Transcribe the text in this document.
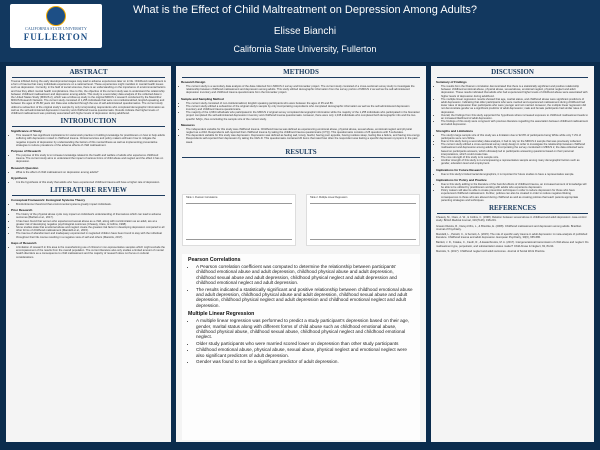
CALIFORNIA STATE UNIVERSITY
FULLERTON
What is the Effect of Child Maltreatment on Depression Among Adults?
Elisse Bianchi
California State University, Fullerton
ABSTRACT

Trauma inflicted during the early developmental stages may lead to adverse experiences later on in life. Childhood maltreatment is a form of trauma that many individuals experience on a national level. These experiences might manifest in mental health issues such as depression. Currently, in the field of social sciences, there is an understanding on the importance of environmental factors and how they affect mental health complications. Due to this, the objective of the current study was to understand the relationship between childhood maltreatment and depression among adults. This study is a secondary data analysis of the collected data in the United States Study (MIDUS 2), which was a follow-up study to the original MIDUS 1 research conducted by the MacArthur MIDUS Research Network. The current study consisted of 1,255 individuals that were non-institutionalized, English-speaking and between the ages of 35-86 years old. Data was collected through the use of self-administered questionnaires. The current study utilized a subsection of the original study's sample by only incorporating respondents who completed demographic information as well as the self-administered depression inventory and childhood trauma questionnaire. Results indicate that higher levels of childhood maltreatment was positively associated with higher levels of depression during adulthood.

INTRODUCTION
Significance of Study
• This research has significant implications for social work practice in building knowledge for practitioners on how to help adults suffering with depression rooted in childhood trauma. Clinical services and policy makers will learn how to mitigate the negative impacts of depression by understanding the factors of this mental illness as well as implementing preventative strategies to reduce prevalence of the adverse effects of child maltreatment.
Purpose of Research
• The purpose of this study is to increase knowledge related to the health and welfare of adults who experience childhood trauma. The current study aims to understand the impact of various forms of child abuse and neglect and the effect it has on depression.
Research Question
• What is the effect of child maltreatment on depression among adults?
Hypothesis
• It is the hypothesis of this study that adults who have experienced childhood trauma will have a higher rate of depression.
LITERATURE REVIEW
Conceptual Framework: Ecological Systems Theory
• Bronfenbrenner theorized that environmental systems greatly impact individuals.
Prior Research
• The history of the physical abuse cycle may impact an individual's understanding of themselves which can lead to adverse outcomes (Bartlett et al., 2017).
• It has been found that women who experienced sexual abuse as a child, along with revictimization as an adult, are at a greater risk of developing negative psychological outcomes (Cheasty, Clare, & Collins, 1998).
• Some studies state that emotional abuse and neglect create the greatest risk factor in developing depression compared to all other forms of childhood maltreatment (Mandelli et al., 2015).
• The trauma of abandonment and inadequacy experienced in neglected children have been found to stay with the individual throughout their life course resulting in a negative view of self and others (Maniotis, 2017).
Gaps of Research
• A limitation of research in this area is the overwhelming use of clinical or non-representative samples which might exclude the encompassment of the results from the overall population. The current literature also only studies a limited amount of mental health disorders as a consequence to child maltreatment and the majority of research does not focus on cultural considerations.
METHODS
Research Design
• The current study is a secondary data analysis of the data collected from MIDUS 2 survey and biomarker project. The current study consisted of a cross-sectional survey study to investigate the relationship between childhood maltreatment and depression among adults. This study utilized demographic information from the survey portion of MIDUS 2 as well as the self-administered depression inventory and childhood trauma questionnaire from the biomarker project.
Sample and Sampling Method
• The current study consisted of non-institutionalized, English speaking participants who were between the ages of 35 and 86.
• The current study utilized a subsection of the original study's sample by only incorporating respondents who completed demographic information as well as the self-administered depression inventory and childhood trauma questionnaire.
• The majority of the 4,963 individuals who participated in the MIDUS 2 original survey completed demographic information while the majority of the 1,255 individuals who participated in the biomarker project completed the self-administered depression inventory and childhood trauma questionnaire. However, there were only 1,045 individuals who completed both demographic info and the two specific SAQs, thus concluding the sample size of the current study.
Measures
• The independent variable for this study was childhood trauma. Childhood trauma was defined as experiencing emotional abuse, physical abuse, sexual abuse, emotional neglect and physical neglect as a child. Respondents self-reported their childhood trauma by taking the childhood trauma questionnaire (CTQ). This questionnaire consists of 25 questions with 5 subscales.
• The dependent variable for this study was depression. Depression was defined as feeling sad, lonely, fearful, having poor appetite, having restless sleep, feeling like a failure, and having low energy. Respondents self-reported their depression by taking the CES-D. This questionnaire contained 20 items that rated how often the respondent was feeling a specific depression symptom in the past week.
RESULTS
Table 1. Pearson Correlations	Table 2. Multiple Linear Regression
Pearson Correlations
• A Pearson correlation coefficient was computed to determine the relationship between participants' childhood emotional abuse and adult depression, childhood physical abuse and adult depression, childhood sexual abuse and adult depression, childhood physical neglect and adult depression and childhood emotional neglect and adult depression.
• The results indicated a statistically significant and positive relationship between childhood emotional abuse and adult depression, childhood physical abuse and adult depression, childhood sexual abuse and adult depression, childhood physical neglect and adult depression and childhood emotional neglect and adult depression.
Multiple Linear Regression
• A multiple linear regression was performed to predict a study participant's depression based on their age, gender, marital status along with different forms of child abuse such as childhood emotional abuse, childhood physical abuse, childhood sexual abuse, childhood physical neglect and childhood emotional neglect.
• Older study participants who were married scored lower on depression than other study participants
• Childhood emotional abuse, physical abuse, sexual abuse, physical neglect and emotional neglect were also significant predictors of adult depression.
• Gender was found to not be a significant predictor of adult depression.
DISCUSSION
Summary of Findings
• The results from the Pearson correlation demonstrated that there is a statistically significant and positive relationship between childhood emotional abuse, physical abuse, sexual abuse, emotional neglect, physical neglect and adult depression. These results indicated that adults who had experienced higher levels of childhood abuse were associated with higher levels of depression during adulthood.
• The multiple linear regression results showed that age, marital status, and childhood abuse were significant predictors of adult depression. Indicating that older participants who were married and experienced maltreatment during childhood had lower rates of depression than participants who were younger and not married. However, the multiple linear regression did not demonstrate gender as a significant predictor of adult depression; male and female participants had similar rates of depression.
• Overall, the findings from this study supported the hypothesis where increased exposure to childhood maltreatment leads to an increased likelihood of adult depression.
• The findings of this study were congruent with previous literature regarding the association between childhood maltreatment and adult depression.
Strengths and Limitations
• The study's large sample size of this study are a limitation due to 92.8% of participants being White while only 7.2% of participants were non-White.
• Due to this study being a secondary data analysis, it had to rely on the MIDUS 2 sample that was previously collected.
• The current study utilized a cross-sectional survey study design in order to investigate the relationship between childhood maltreatment and depression among adults. By incorporating the survey conducted in MIDUS 2, the data collected were based on participants answers, which ultimately led to participants answering questions based on their personal interpretations, which could create bias.
• The core strength of this study is its sample size.
• Another strength of this study is it encompassing a representative sample among many demographic factors such as gender, education level and employment.
Implications for Future Research
• Due to this study's limited racial demographics, it is important for future studies to have a representative sample.
Implications for Policy and Practice
• Due to this study adding to the literature of the harmful effects of childhood trauma, an increased amount of knowledge will be able to be utilized by practitioners working with adults who experience depression.
• Policy makers will also be able to create prevention techniques in order to reduce depression for those who have experienced childhood maltreatment. Further, policies can also be created in order to reduce negative lifelong consequences to those who are abused during childhood as well as creating policies that teach parents appropriate parenting strategies and techniques.
REFERENCES

Cheasty, M., Clare, A. W., & Collins, C. (1998). Relation between sexual abuse in childhood and adult depression: case-control study. British Medical Journal, 316(7126), 198-201.

Grassi-Oliveira, R., Daruy-Filho, L., & Brietzke, E. (2008). Childhood maltreatment and depression among adults. Brazilian Journal of Psychiatry.

Mandelli, L., Petrelli, C., & Serretti, A. (2015). The role of specific early trauma in adult depression: A meta-analysis of published literature. Childhood trauma and adult depression. European Psychiatry, 30(6), 665-680.

Bartlett, J. D., Kotake, C., Fauth, R., & Easterbrooks, M. A. (2017). Intergenerational transmission of child abuse and neglect: Do maltreatment type, perpetrator, and substantiation status matter? Child Abuse & Neglect, 63, 84-94.

Maniotis, S. (2017). Childhood neglect and adult outcomes. Journal of Social Work Practice.
